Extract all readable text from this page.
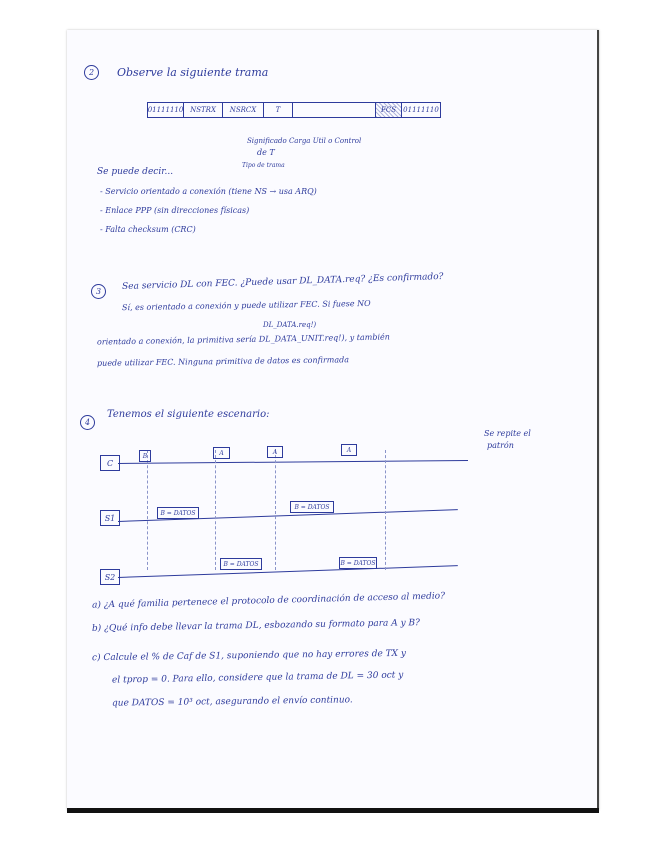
2	Observe la siguiente trama
01111110 NSTRX	NSRCX	T	FCS	01111110
Significado Carga Util o Control
de T
Tipo de trama
Se puede decir...
- Servicio orientado a conexión (tiene NS → usa ARQ)
- Enlace PPP (sin direcciones físicas)
- Falta checksum (CRC)
3	Sea servicio DL con FEC. ¿Puede usar DL_DATA.req? ¿Es confirmado?
Sí, es orientado a conexión y puede utilizar FEC. Si fuese NO
DL_DATA.req!)
orientado a conexión, la primitiva sería DL_DATA_UNIT.req!), y también
puede utilizar FEC. Ninguna primitiva de datos es confirmada
4
Tenemos el siguiente escenario:
Se repite el
patrón
C
S1
S2
B	A	A	A
B = DATOS
B = DATOS
B = DATOS	B = DATOS
a) ¿A qué familia pertenece el protocolo de coordinación de acceso al medio?
b) ¿Qué info debe llevar la trama DL, esbozando su formato para A y B?
c) Calcule el % de Caf de S1, suponiendo que no hay errores de TX y
el tprop = 0. Para ello, considere que la trama de DL = 30 oct y
que DATOS = 10³ oct, asegurando el envío continuo.
